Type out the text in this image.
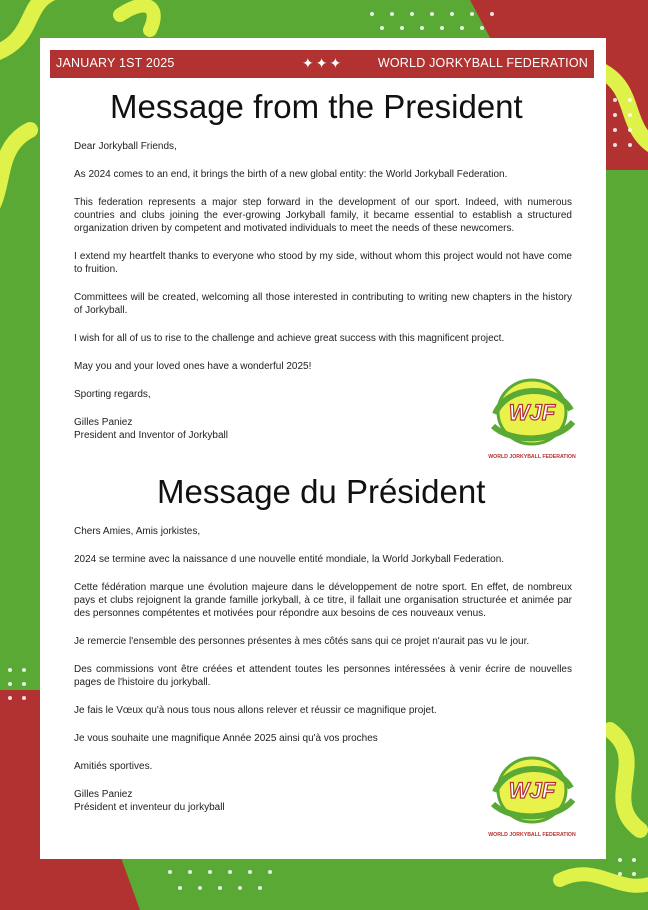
JANUARY 1ST 2025	✦✦✦	WORLD JORKYBALL FEDERATION
Message from the President

Dear Jorkyball Friends,

As 2024 comes to an end, it brings the birth of a new global entity: the World Jorkyball Federation.

This federation represents a major step forward in the development of our sport. Indeed, with numerous countries and clubs joining the ever-growing Jorkyball family, it became essential to establish a structured organization driven by competent and motivated individuals to meet the needs of these newcomers.

I extend my heartfelt thanks to everyone who stood by my side, without whom this project would not have come to fruition.

Committees will be created, welcoming all those interested in contributing to writing new chapters in the history of Jorkyball.

I wish for all of us to rise to the challenge and achieve great success with this magnificent project.

May you and your loved ones have a wonderful 2025!

Sporting regards,

Gilles Paniez

President and Inventor of Jorkyball

Message du Président

Chers Amies, Amis jorkistes,

2024 se termine avec la naissance d une nouvelle entité mondiale, la World Jorkyball Federation.

Cette fédération marque une évolution majeure dans le développement de notre sport. En effet, de nombreux pays et clubs rejoignent la grande famille jorkyball, à ce titre, il fallait une organisation structurée et animée par des personnes compétentes et motivées pour répondre aux besoins de ces nouveaux venus.

Je remercie l'ensemble des personnes présentes à mes côtés sans qui ce projet n'aurait pas vu le jour.

Des commissions vont être créées et attendent toutes les personnes intéressées à venir écrire de nouvelles pages de l'histoire du jorkyball.

Je fais le Vœux qu'à nous tous nous allons relever et réussir ce magnifique projet.

Je vous souhaite une magnifique Année 2025 ainsi qu'à vos proches

Amitiés sportives.

Gilles Paniez

Président et inventeur du jorkyball

WJF
WORLD JORKYBALL FEDERATION
WJF
WORLD JORKYBALL FEDERATION
